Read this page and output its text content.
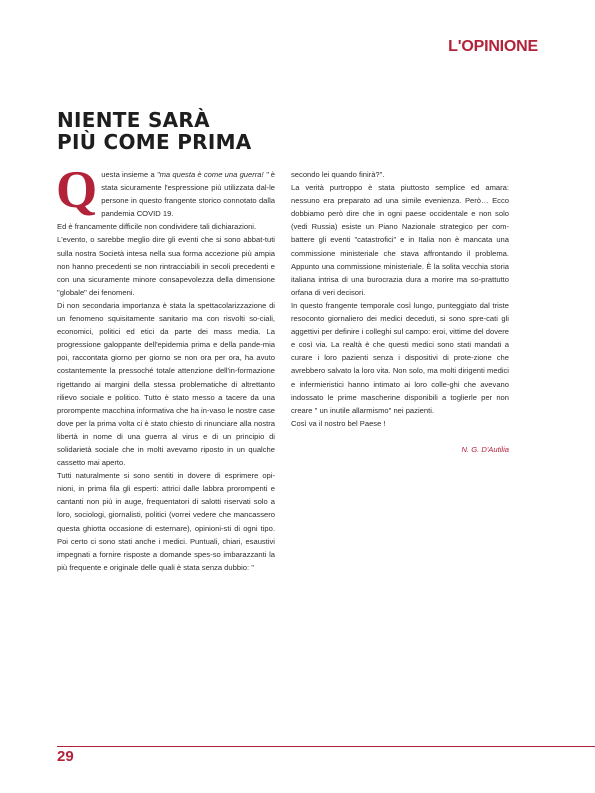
L'OPINIONE
NIENTE SARÀ
PIÙ COME PRIMA

Questa insieme a "ma questa è come una guerra! " è stata sicuramente l'espressione più utilizzata dal-le persone in questo frangente storico connotato dalla pandemia COVID 19.

Ed è francamente difficile non condividere tali dichiarazioni.

L'evento, o sarebbe meglio dire gli eventi che si sono abbat-tuti sulla nostra Società intesa nella sua forma accezione più ampia non hanno precedenti se non rintracciabili in secoli precedenti e con una sicuramente minore consapevolezza della dimensione "globale" dei fenomeni.

Di non secondaria importanza è stata la spettacolarizzazione di un fenomeno squisitamente sanitario ma con risvolti so-ciali, economici, politici ed etici da parte dei mass media. La progressione galoppante dell'epidemia prima e della pande-mia poi, raccontata giorno per giorno se non ora per ora, ha avuto costantemente la pressoché totale attenzione dell'in-formazione rigettando ai margini della stessa problematiche di altrettanto rilievo sociale e politico. Tutto è stato messo a tacere da una prorompente macchina informativa che ha in-vaso le nostre case dove per la prima volta ci è stato chiesto di rinunciare alla nostra libertà in nome di una guerra al virus e di un principio di solidarietà sociale che in molti avevamo riposto in un qualche cassetto mai aperto.

Tutti naturalmente si sono sentiti in dovere di esprimere opi-nioni, in prima fila gli esperti: attrici dalle labbra prorompenti e cantanti non più in auge, frequentatori di salotti riservati solo a loro, sociologi, giornalisti, politici (vorrei vedere che mancassero questa ghiotta occasione di esternare), opinioni-sti di ogni tipo. Poi certo ci sono stati anche i medici. Puntuali, chiari, esaustivi impegnati a fornire risposte a domande spes-so imbarazzanti la più frequente e originale delle quali è stata senza dubbio: "

secondo lei quando finirà?".

La verità purtroppo è stata piuttosto semplice ed amara: nessuno era preparato ad una simile evenienza. Però… Ecco dobbiamo però dire che in ogni paese occidentale e non solo (vedi Russia) esiste un Piano Nazionale strategico per com-battere gli eventi "catastrofici" e in Italia non è mancata una commissione ministeriale che stava affrontando il problema. Appunto una commissione ministeriale. È la solita vecchia storia italiana intrisa di una burocrazia dura a morire ma so-prattutto orfana di veri decisori.

In questo frangente temporale così lungo, punteggiato dal triste resoconto giornaliero dei medici deceduti, si sono spre-cati gli aggettivi per definire i colleghi sul campo: eroi, vittime del dovere e così via. La realtà è che questi medici sono stati mandati a curare i loro pazienti senza i dispositivi di prote-zione che avrebbero salvato la loro vita. Non solo, ma molti dirigenti medici e infermieristici hanno intimato ai loro colle-ghi che avevano indossato le prime mascherine disponibili a toglierle per non creare " un inutile allarmismo" nei pazienti.

Così va il nostro bel Paese !

N. G. D'Autilia

29
